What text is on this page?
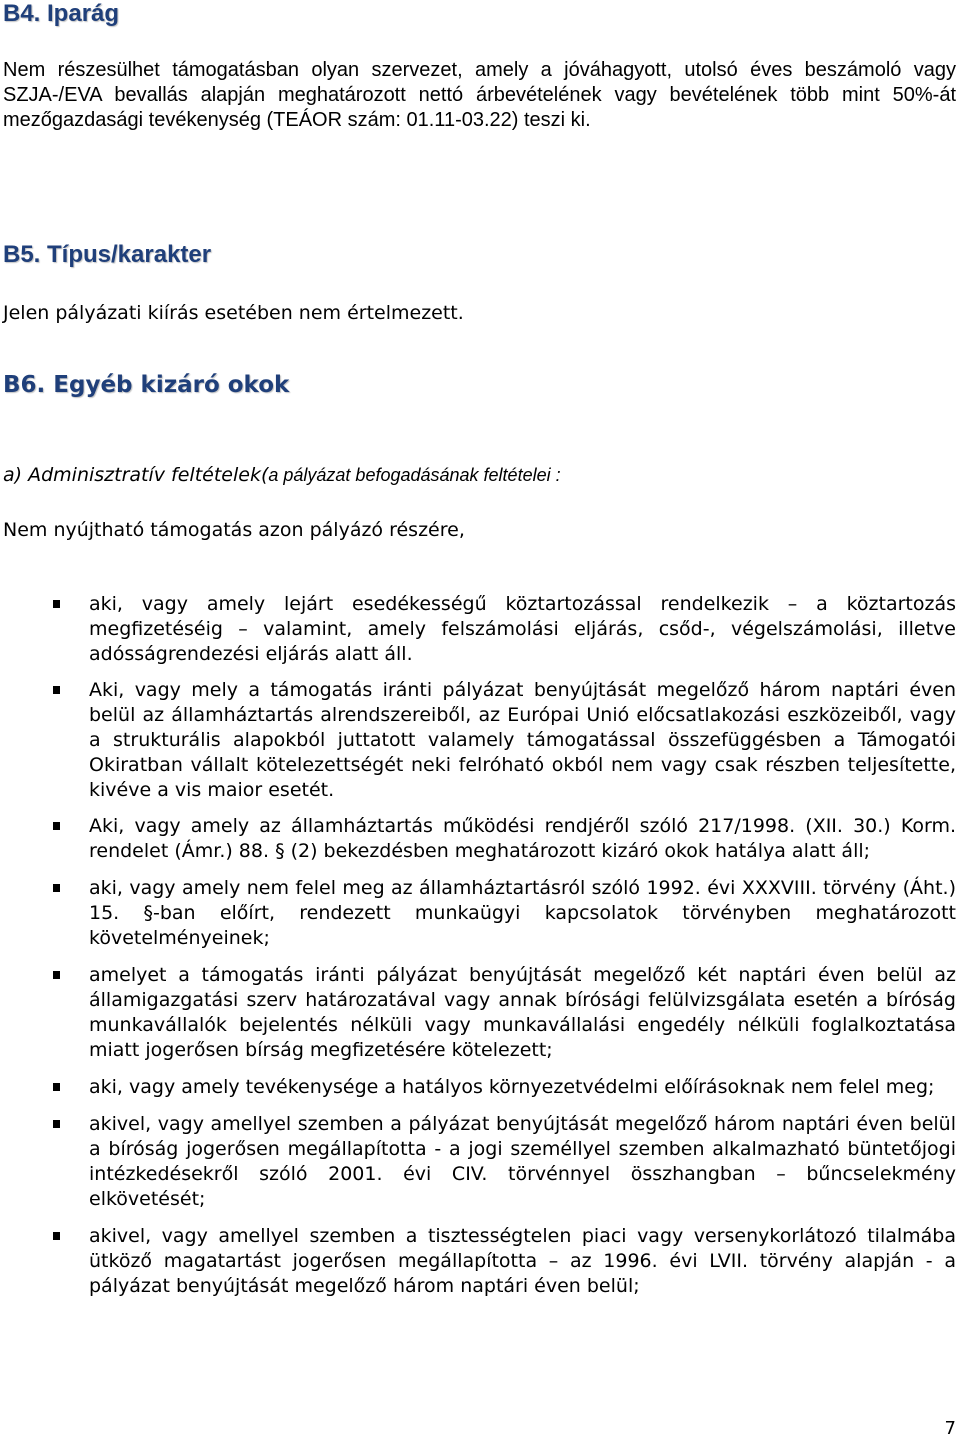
B4. Iparág

Nem részesülhet támogatásban olyan szervezet, amely a jóváhagyott, utolsó éves beszámoló vagy SZJA-/EVA bevallás alapján meghatározott nettó árbevételének vagy bevételének több mint 50%-át mezőgazdasági tevékenység (TEÁOR szám: 01.11-03.22) teszi ki.

B5. Típus/karakter

Jelen pályázati kiírás esetében nem értelmezett.

B6. Egyéb kizáró okok

a) Adminisztratív feltételek(a pályázat befogadásának feltételei :

Nem nyújtható támogatás azon pályázó részére,

aki, vagy amely lejárt esedékességű köztartozással rendelkezik – a köztartozás megfizetéséig – valamint, amely felszámolási eljárás, csőd-, végelszámolási, illetve adósságrendezési eljárás alatt áll.
Aki, vagy mely a támogatás iránti pályázat benyújtását megelőző három naptári éven belül az államháztartás alrendszereiből, az Európai Unió előcsatlakozási eszközeiből, vagy a strukturális alapokból juttatott valamely támogatással összefüggésben a Támogatói Okiratban vállalt kötelezettségét neki felróható okból nem vagy csak részben teljesítette, kivéve a vis maior esetét.
Aki, vagy amely az államháztartás működési rendjéről szóló 217/1998. (XII. 30.) Korm. rendelet (Ámr.) 88. § (2) bekezdésben meghatározott kizáró okok hatálya alatt áll;
aki, vagy amely nem felel meg az államháztartásról szóló 1992. évi XXXVIII. törvény (Áht.) 15. §-ban előírt, rendezett munkaügyi kapcsolatok törvényben meghatározott követelményeinek;
amelyet a támogatás iránti pályázat benyújtását megelőző két naptári éven belül az államigazgatási szerv határozatával vagy annak bírósági felülvizsgálata esetén a bíróság munkavállalók bejelentés nélküli vagy munkavállalási engedély nélküli foglalkoztatása miatt jogerősen bírság megfizetésére kötelezett;
aki, vagy amely tevékenysége a hatályos környezetvédelmi előírásoknak nem felel meg;
akivel, vagy amellyel szemben a pályázat benyújtását megelőző három naptári éven belül a bíróság jogerősen megállapította - a jogi személlyel szemben alkalmazható büntetőjogi intézkedésekről szóló 2001. évi CIV. törvénnyel összhangban – bűncselekmény elkövetését;
akivel, vagy amellyel szemben a tisztességtelen piaci vagy versenykorlátozó tilalmába ütköző magatartást jogerősen megállapította – az 1996. évi LVII. törvény alapján - a pályázat benyújtását megelőző három naptári éven belül;
7
